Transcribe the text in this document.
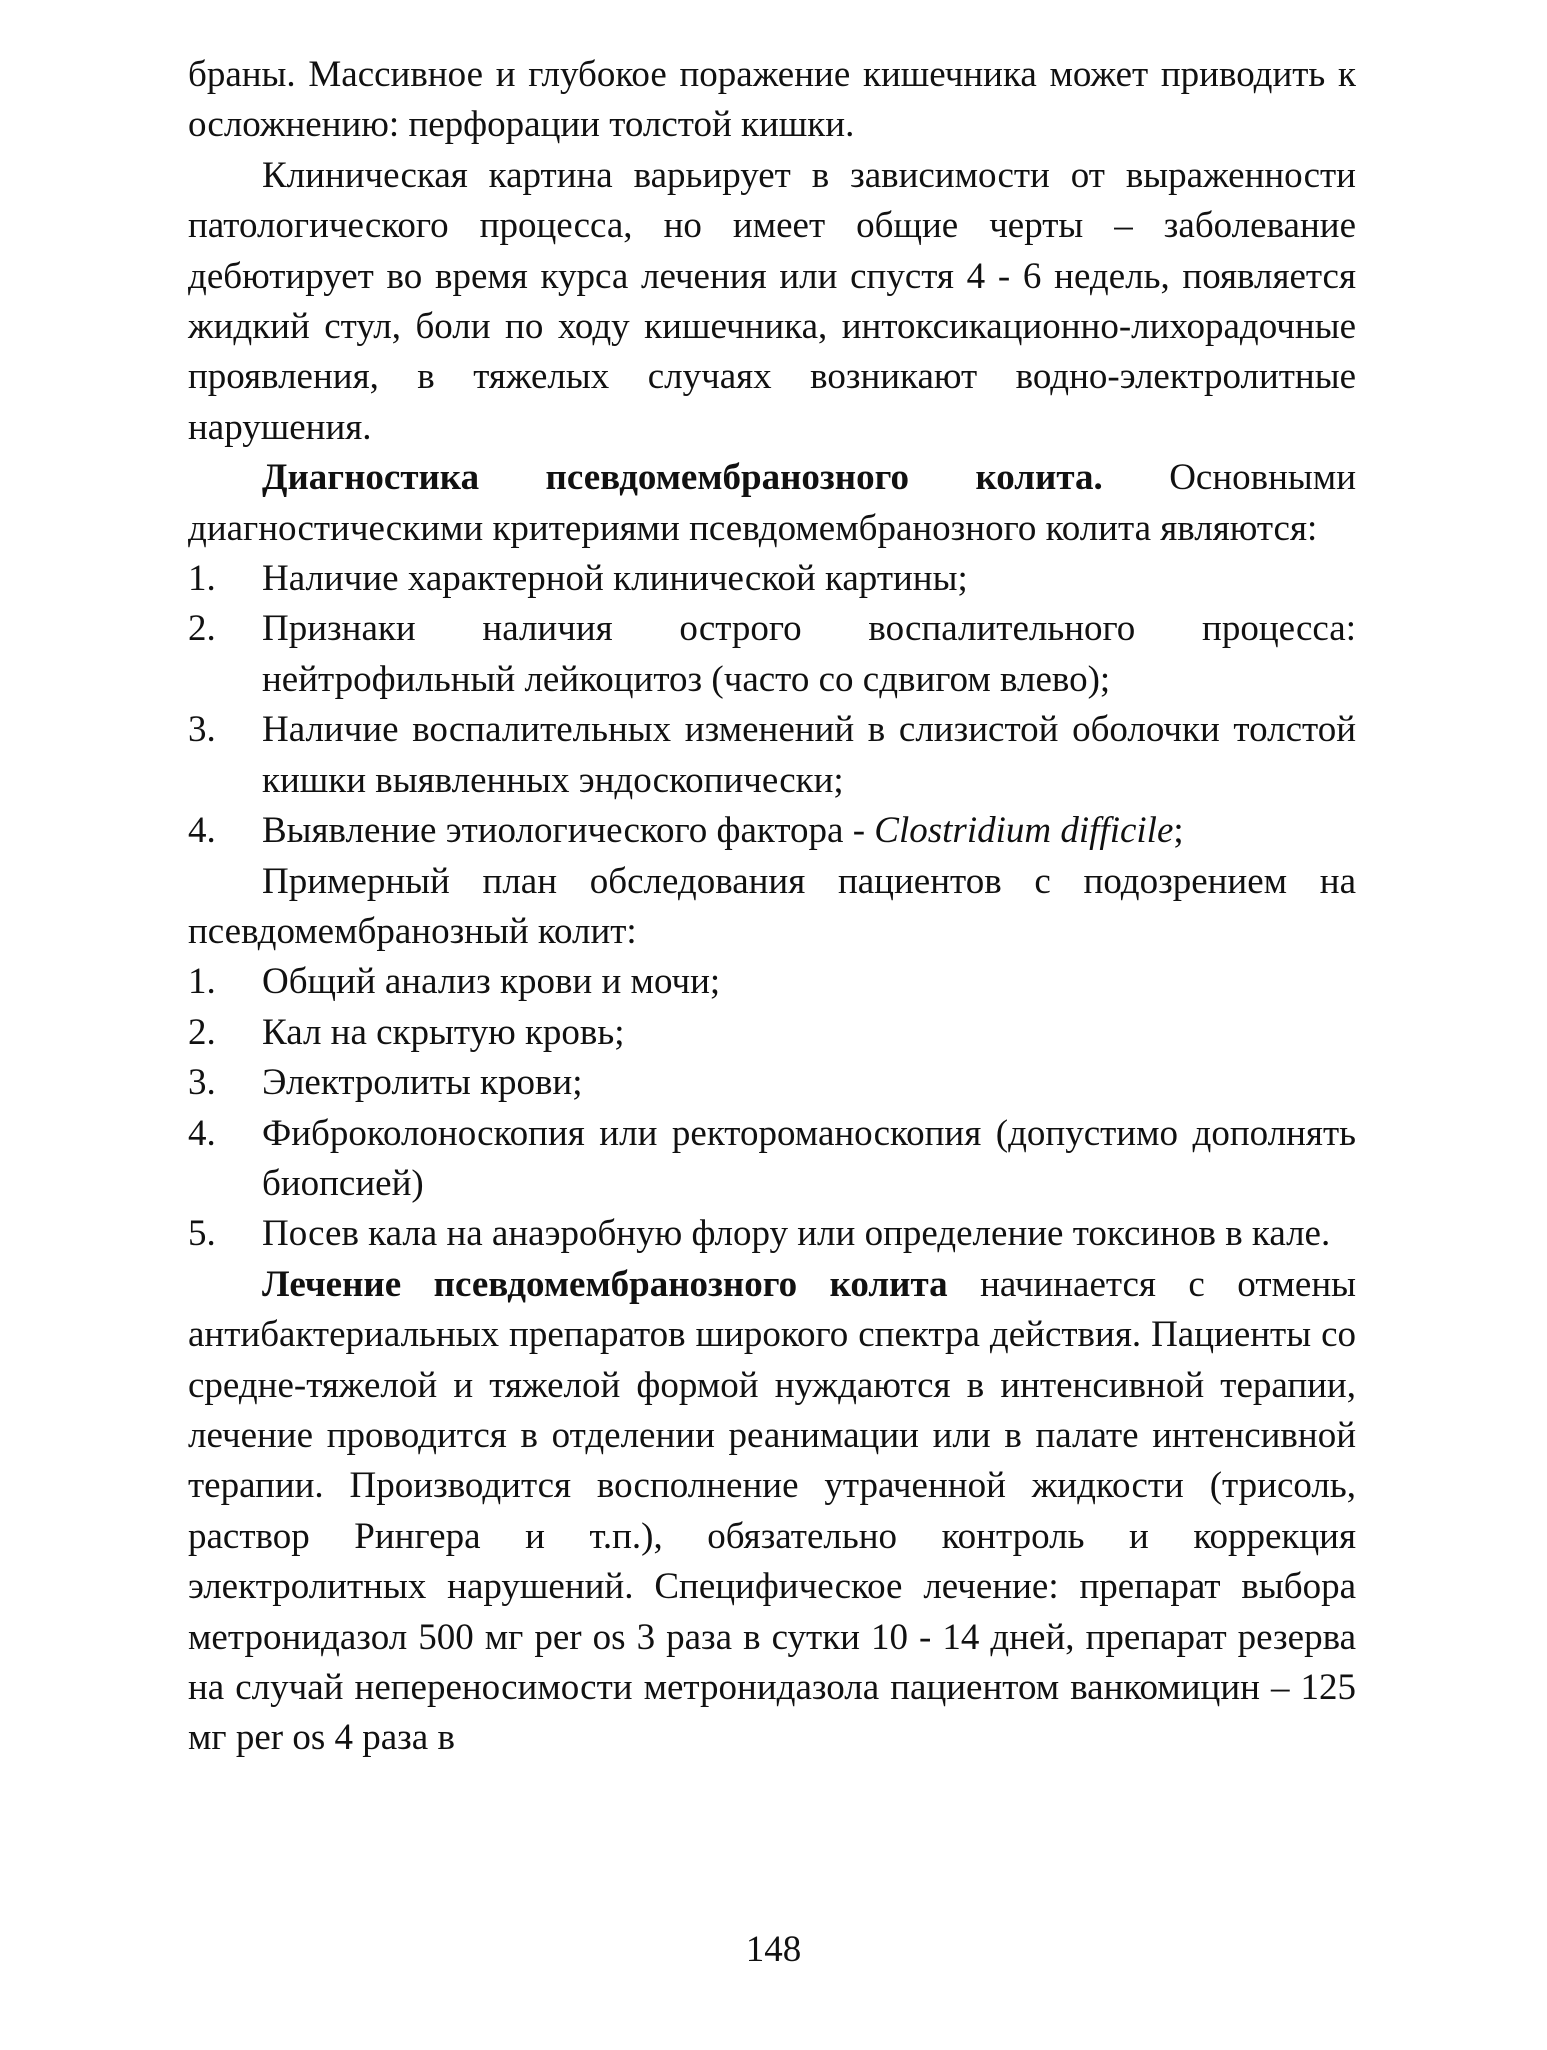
браны. Массивное и глубокое поражение кишечника может приводить к осложнению: перфорации толстой кишки.

Клиническая картина варьирует в зависимости от выраженности патологического процесса, но имеет общие черты – заболевание дебютирует во время курса лечения или спустя 4 - 6 недель, появляется жидкий стул, боли по ходу кишечника, интоксикационно-лихорадочные проявления, в тяжелых случаях возникают водно-электролитные нарушения.

Диагностика псевдомембранозного колита. Основными диагностическими критериями псевдомембранозного колита являются:

1.	Наличие характерной клинической картины;
2.	Признаки наличия острого воспалительного процесса: нейтрофильный лейкоцитоз (часто со сдвигом влево);
3.	Наличие воспалительных изменений в слизистой оболочки толстой кишки выявленных эндоскопически;
4.	Выявление этиологического фактора - Clostridium difficile;

Примерный план обследования пациентов с подозрением на псевдомембранозный колит:

1.	Общий анализ крови и мочи;
2.	Кал на скрытую кровь;
3.	Электролиты крови;
4.	Фиброколоноскопия или ректороманоскопия (допустимо дополнять биопсией)
5.	Посев кала на анаэробную флору или определение токсинов в кале.

Лечение псевдомембранозного колита начинается с отмены антибактериальных препаратов широкого спектра действия. Пациенты со средне-тяжелой и тяжелой формой нуждаются в интенсивной терапии, лечение проводится в отделении реанимации или в палате интенсивной терапии. Производится восполнение утраченной жидкости (трисоль, раствор Рингера и т.п.), обязательно контроль и коррекция электролитных нарушений. Специфическое лечение: препарат выбора метронидазол 500 мг per os 3 раза в сутки 10 - 14 дней, препарат резерва на случай непереносимости метронидазола пациентом ванкомицин – 125 мг per os 4 раза в

148
